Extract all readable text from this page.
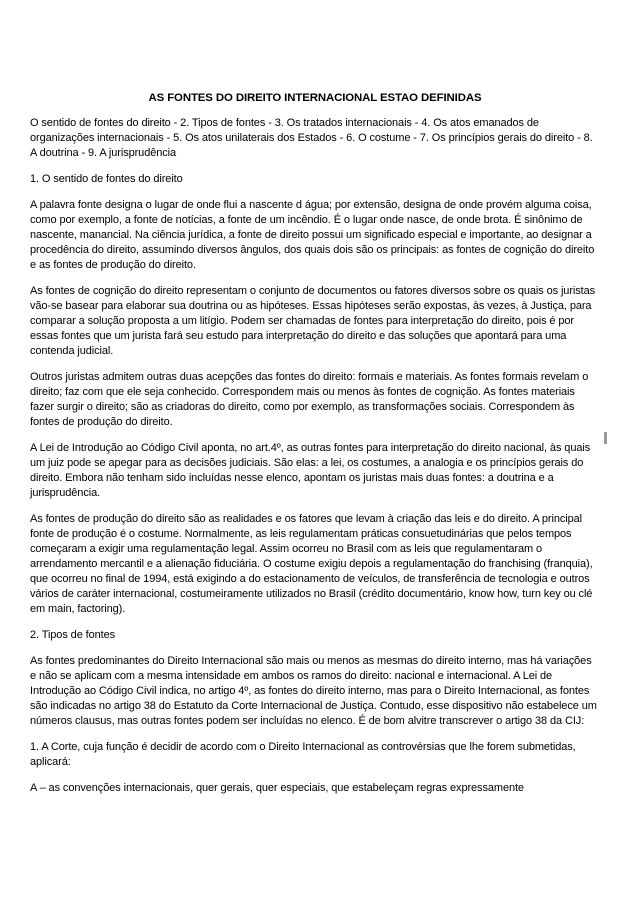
AS FONTES DO DIREITO INTERNACIONAL ESTAO DEFINIDAS

O sentido de fontes do direito - 2. Tipos de fontes - 3. Os tratados internacionais - 4. Os atos emanados de organizações internacionais - 5. Os atos unilaterais dos Estados - 6. O costume - 7. Os princípios gerais do direito - 8. A doutrina - 9. A jurisprudência

1. O sentido de fontes do direito

A palavra fonte designa o lugar de onde flui a nascente d água; por extensão, designa de onde provém alguma coisa, como por exemplo, a fonte de notícias, a fonte de um incêndio. É o lugar onde nasce, de onde brota. É sinônimo de nascente, manancial. Na ciência jurídica, a fonte de direito possui um significado especial e importante, ao designar a procedência do direito, assumindo diversos ângulos, dos quais dois são os principais: as fontes de cognição do direito e as fontes de produção do direito.

As fontes de cognição do direito representam o conjunto de documentos ou fatores diversos sobre os quais os juristas vão-se basear para elaborar sua doutrina ou as hipóteses. Essas hipóteses serão expostas, às vezes, à Justiça, para comparar a solução proposta a um litígio. Podem ser chamadas de fontes para interpretação do direito, pois é por essas fontes que um jurista fará seu estudo para interpretação do direito e das soluções que apontará para uma contenda judicial.

Outros juristas admitem outras duas acepções das fontes do direito: formais e materiais. As fontes formais revelam o direito; faz com que ele seja conhecido. Correspondem mais ou menos às fontes de cognição. As fontes materiais fazer surgir o direito; são as criadoras do direito, como por exemplo, as transformações sociais. Correspondem às fontes de produção do direito.

A Lei de Introdução ao Código Civil aponta, no art.4º, as outras fontes para interpretação do direito nacional, às quais um juiz pode se apegar para as decisões judiciais. São elas: a lei, os costumes, a analogia e os princípios gerais do direito. Embora não tenham sido incluídas nesse elenco, apontam os juristas mais duas fontes: a doutrina e a jurisprudência.

As fontes de produção do direito são as realidades e os fatores que levam à criação das leis e do direito. A principal fonte de produção é o costume. Normalmente, as leis regulamentam práticas consuetudinárias que pelos tempos começaram a exigir uma regulamentação legal. Assim ocorreu no Brasil com as leis que regulamentaram o arrendamento mercantil e a alienação fiduciária. O costume exigiu depois a regulamentação do franchising (franquia), que ocorreu no final de 1994, está exigindo a do estacionamento de veículos, de transferência de tecnologia e outros vários de caráter internacional, costumeiramente utilizados no Brasil (crédito documentário, know how, turn key ou clé em main, factoring).

2. Tipos de fontes

As fontes predominantes do Direito Internacional são mais ou menos as mesmas do direito interno, mas há variações e não se aplicam com a mesma intensidade em ambos os ramos do direito: nacional e internacional. A Lei de Introdução ao Código Civil indica, no artigo 4º, as fontes do direito interno, mas para o Direito Internacional, as fontes são indicadas no artigo 38 do Estatuto da Corte Internacional de Justiça. Contudo, esse dispositivo não estabelece um números clausus, mas outras fontes podem ser incluídas no elenco. É de bom alvitre transcrever o artigo 38 da CIJ:

1. A Corte, cuja função é decidir de acordo com o Direito Internacional as controvérsias que lhe forem submetidas, aplicará:

A – as convenções internacionais, quer gerais, quer especiais, que estabeleçam regras expressamente
